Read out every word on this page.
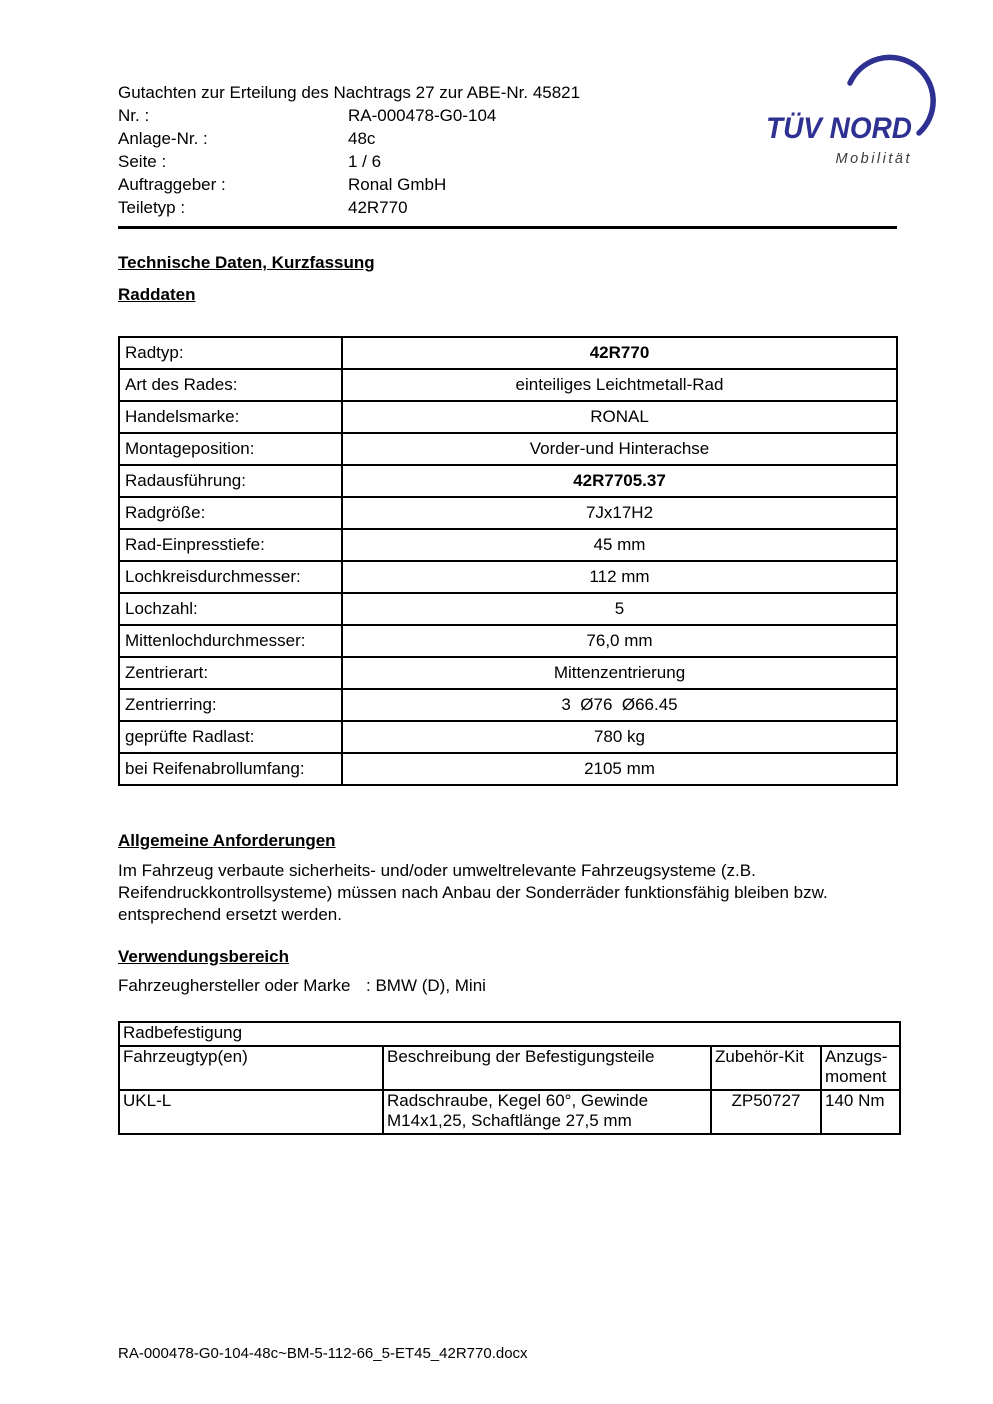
Gutachten zur Erteilung des Nachtrags 27 zur ABE-Nr. 45821
Nr. :	RA-000478-G0-104
Anlage-Nr. :	48c
Seite :	1 / 6
Auftraggeber :	Ronal GmbH
Teiletyp :	42R770
TÜV NORD
Mobilität
Technische Daten, Kurzfassung
Raddaten
Radtyp:	42R770
Art des Rades:	einteiliges Leichtmetall-Rad
Handelsmarke:	RONAL
Montageposition:	Vorder-und Hinterachse
Radausführung:	42R7705.37
Radgröße:	7Jx17H2
Rad-Einpresstiefe:	45 mm
Lochkreisdurchmesser:	112 mm
Lochzahl:	5
Mittenlochdurchmesser:	76,0 mm
Zentrierart:	Mittenzentrierung
Zentrierring:	3  Ø76  Ø66.45
geprüfte Radlast:	780 kg
bei Reifenabrollumfang:	2105 mm
Allgemeine Anforderungen
Im Fahrzeug verbaute sicherheits- und/oder umweltrelevante Fahrzeugsysteme (z.B. Reifendruckkontrollsysteme) müssen nach Anbau der Sonderräder funktionsfähig bleiben bzw. entsprechend ersetzt werden.
Verwendungsbereich
Fahrzeughersteller oder Marke : BMW (D), Mini
Radbefestigung			
Fahrzeugtyp(en)	Beschreibung der Befestigungsteile	Zubehör-Kit	Anzugs-moment
UKL-L	Radschraube, Kegel 60°, Gewinde M14x1,25, Schaftlänge 27,5 mm	ZP50727	140 Nm
RA-000478-G0-104-48c~BM-5-112-66_5-ET45_42R770.docx
